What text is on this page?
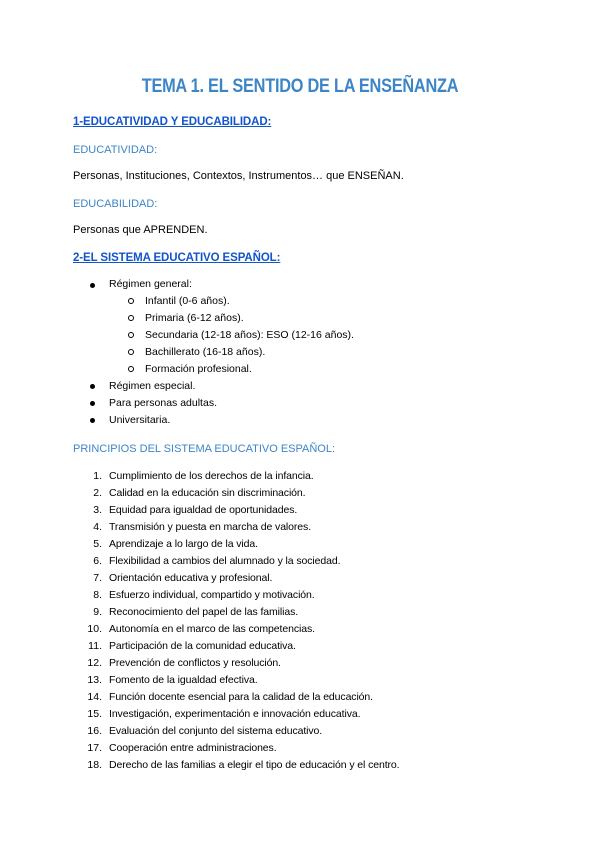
TEMA 1. EL SENTIDO DE LA ENSEÑANZA
1-EDUCATIVIDAD Y EDUCABILIDAD:
EDUCATIVIDAD:
Personas, Instituciones, Contextos, Instrumentos… que ENSEÑAN.
EDUCABILIDAD:
Personas que APRENDEN.
2-EL SISTEMA EDUCATIVO ESPAÑOL:
Régimen general:
Infantil (0-6 años).
Primaria (6-12 años).
Secundaria (12-18 años): ESO (12-16 años).
Bachillerato (16-18 años).
Formación profesional.
Régimen especial.
Para personas adultas.
Universitaria.
PRINCIPIOS DEL SISTEMA EDUCATIVO ESPAÑOL:
1. Cumplimiento de los derechos de la infancia.
2. Calidad en la educación sin discriminación.
3. Equidad para igualdad de oportunidades.
4. Transmisión y puesta en marcha de valores.
5. Aprendizaje a lo largo de la vida.
6. Flexibilidad a cambios del alumnado y la sociedad.
7. Orientación educativa y profesional.
8. Esfuerzo individual, compartido y motivación.
9. Reconocimiento del papel de las familias.
10. Autonomía en el marco de las competencias.
11. Participación de la comunidad educativa.
12. Prevención de conflictos y resolución.
13. Fomento de la igualdad efectiva.
14. Función docente esencial para la calidad de la educación.
15. Investigación, experimentación e innovación educativa.
16. Evaluación del conjunto del sistema educativo.
17. Cooperación entre administraciones.
18. Derecho de las familias a elegir el tipo de educación y el centro.
